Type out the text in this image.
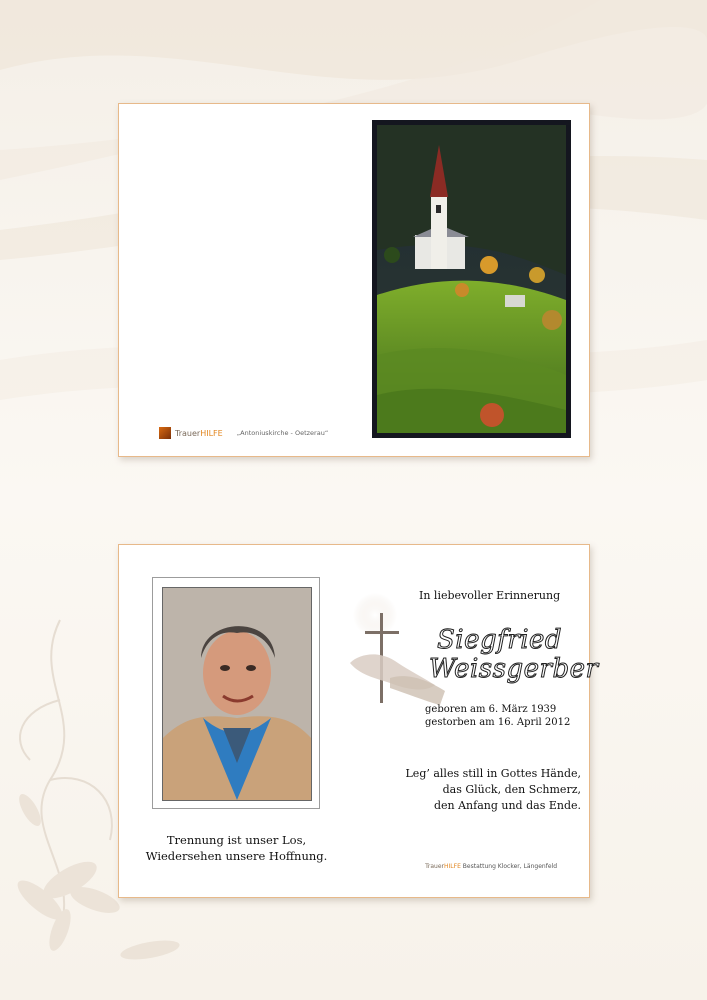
TrauerHILFE „Antoniuskirche - Oetzerau“
Trennung ist unser Los,
Wiedersehen unsere Hoffnung.
In liebevoller Erinnerung
Siegfried
Weissgerber
geboren am 6. März 1939
gestorben am 16. April 2012
Leg’ alles still in Gottes Hände,
das Glück, den Schmerz,
den Anfang und das Ende.
TrauerHILFE Bestattung Klocker, Längenfeld
